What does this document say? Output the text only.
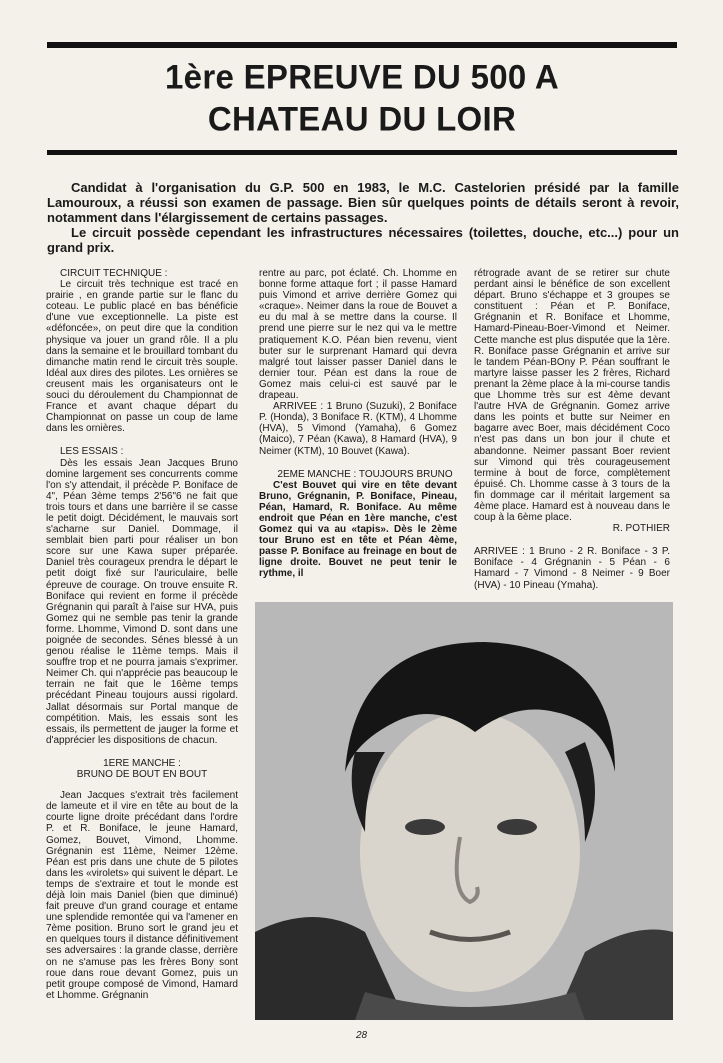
1ère EPREUVE DU 500 A
CHATEAU DU LOIR

Candidat à l'organisation du G.P. 500 en 1983, le M.C. Castelorien présidé par la famille Lamouroux, a réussi son examen de passage. Bien sûr quelques points de détails seront à revoir, notamment dans l'élargissement de certains passages.

Le circuit possède cependant les infrastructures nécessaires (toilettes, douche, etc...) pour un grand prix.

CIRCUIT TECHNIQUE :

Le circuit très technique est tracé en prairie , en grande partie sur le flanc du coteau. Le public placé en bas bénéficie d'une vue exceptionnelle. La piste est «défoncée», on peut dire que la condition physique va jouer un grand rôle. Il a plu dans la semaine et le brouillard tombant du dimanche matin rend le circuit très souple. Idéal aux dires des pilotes. Les ornières se creusent mais les organisateurs ont le souci du déroulement du Championnat de France et avant chaque départ du Championnat on passe un coup de lame dans les ornières.

LES ESSAIS :

Dès les essais Jean Jacques Bruno domine largement ses concurrents comme l'on s'y attendait, il précède P. Boniface de 4", Péan 3ème temps 2'56"6 ne fait que trois tours et dans une barrière il se casse le petit doigt. Décidément, le mauvais sort s'acharne sur Daniel. Dommage, il semblait bien parti pour réaliser un bon score sur une Kawa super préparée. Daniel très courageux prendra le départ le petit doigt fixé sur l'auriculaire, belle épreuve de courage. On trouve ensuite R. Boniface qui revient en forme il précède Grégnanin qui paraît à l'aise sur HVA, puis Gomez qui ne semble pas tenir la grande forme. Lhomme, Vimond D. sont dans une poignée de secondes. Sénes blessé à un genou réalise le 11ème temps. Mais il souffre trop et ne pourra jamais s'exprimer. Neimer Ch. qui n'apprécie pas beaucoup le terrain ne fait que le 16ème temps précédant Pineau toujours aussi rigolard. Jallat désormais sur Portal manque de compétition. Mais, les essais sont les essais, ils permettent de jauger la forme et d'apprécier les dispositions de chacun.

1ERE MANCHE :
BRUNO DE BOUT EN BOUT

Jean Jacques s'extrait très facilement de lameute et il vire en tête au bout de la courte ligne droite précédant dans l'ordre P. et R. Boniface, le jeune Hamard, Gomez, Bouvet, Vimond, Lhomme. Grégnanin est 11ème, Neimer 12ème. Péan est pris dans une chute de 5 pilotes dans les «virolets» qui suivent le départ. Le temps de s'extraire et tout le monde est déjà loin mais Daniel (bien que diminué) fait preuve d'un grand courage et entame une splendide remontée qui va l'amener en 7ème position. Bruno sort le grand jeu et en quelques tours il distance définitivement ses adversaires : la grande classe, derrière on ne s'amuse pas les frères Bony sont roue dans roue devant Gomez, puis un petit groupe composé de Vimond, Hamard et Lhomme. Grégnanin

rentre au parc, pot éclaté. Ch. Lhomme en bonne forme attaque fort ; il passe Hamard puis Vimond et arrive derrière Gomez qui «craque». Neimer dans la roue de Bouvet a eu du mal à se mettre dans la course. Il prend une pierre sur le nez qui va le mettre pratiquement K.O. Péan bien revenu, vient buter sur le surprenant Hamard qui devra malgré tout laisser passer Daniel dans le dernier tour. Péan est dans la roue de Gomez mais celui-ci est sauvé par le drapeau.

ARRIVEE : 1 Bruno (Suzuki), 2 Boniface P. (Honda), 3 Boniface R. (KTM), 4 Lhomme (HVA), 5 Vimond (Yamaha), 6 Gomez (Maico), 7 Péan (Kawa), 8 Hamard (HVA), 9 Neimer (KTM), 10 Bouvet (Kawa).

2EME MANCHE : TOUJOURS BRUNO

C'est Bouvet qui vire en tête devant Bruno, Grégnanin, P. Boniface, Pineau, Péan, Hamard, R. Boniface. Au même endroit que Péan en 1ère manche, c'est Gomez qui va au «tapis». Dès le 2ème tour Bruno est en tête et Péan 4ème, passe P. Boniface au freinage en bout de ligne droite. Bouvet ne peut tenir le rythme, il

rétrograde avant de se retirer sur chute perdant ainsi le bénéfice de son excellent départ. Bruno s'échappe et 3 groupes se constituent : Péan et P. Boniface, Grégnanin et R. Boniface et Lhomme, Hamard-Pineau-Boer-Vimond et Neimer. Cette manche est plus disputée que la 1ère. R. Boniface passe Grégnanin et arrive sur le tandem Péan-BOny P. Péan souffrant le martyre laisse passer les 2 frères, Richard prenant la 2ème place à la mi-course tandis que Lhomme très sur est 4ème devant l'autre HVA de Grégnanin. Gomez arrive dans les points et butte sur Neimer en bagarre avec Boer, mais décidément Coco n'est pas dans un bon jour il chute et abandonne. Neimer passant Boer revient sur Vimond qui très courageusement termine à bout de force, complètement épuisé. Ch. Lhomme casse à 3 tours de la fin dommage car il méritait largement sa 4ème place. Hamard est à nouveau dans le coup à la 6ème place.

R. POTHIER

ARRIVEE : 1 Bruno - 2 R. Boniface - 3 P. Boniface - 4 Grégnanin - 5 Péan - 6 Hamard - 7 Vimond - 8 Neimer - 9 Boer (HVA) - 10 Pineau (Ymaha).

28
